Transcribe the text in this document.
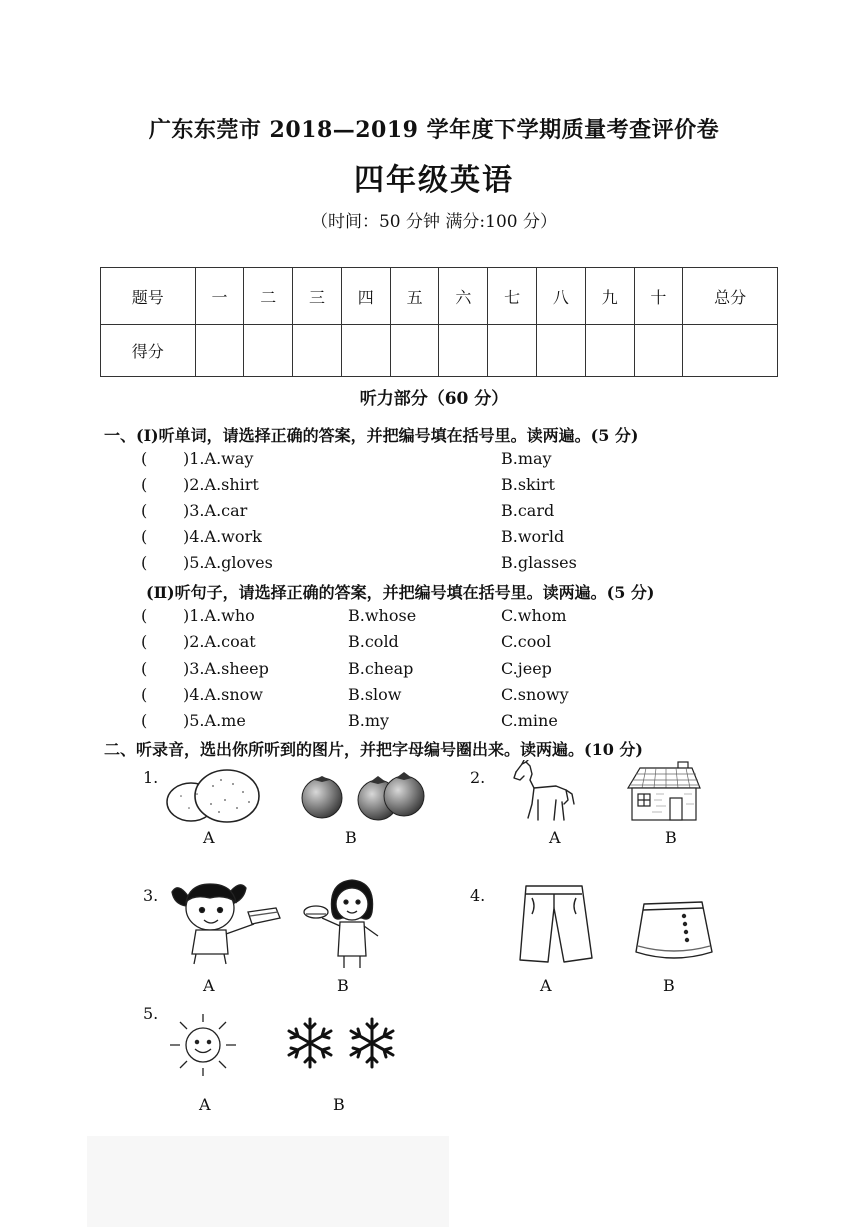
广东东莞市 2018—2019 学年度下学期质量考查评价卷
四年级英语
（时间：50 分钟 满分:100 分）
题号	一	二	三	四	五	六	七	八	九	十	总分
得分											
听力部分（60 分）
一、(Ⅰ)听单词，请选择正确的答案，并把编号填在括号里。读两遍。(5 分)
( )1.A.way	B.may
( )2.A.shirt	B.skirt
( )3.A.car	B.card
( )4.A.work	B.world
( )5.A.gloves	B.glasses
(Ⅱ)听句子，请选择正确的答案，并把编号填在括号里。读两遍。(5 分)
( )1.A.who	B.whose	C.whom
( )2.A.coat	B.cold	C.cool
( )3.A.sheep	B.cheap	C.jeep
( )4.A.snow	B.slow	C.snowy
( )5.A.me	B.my	C.mine
二、听录音，选出你所听到的图片，并把字母编号圈出来。读两遍。(10 分)
1.	2.
3.	4.
5.
A	B	A	B
A	B	A	B
A	B
